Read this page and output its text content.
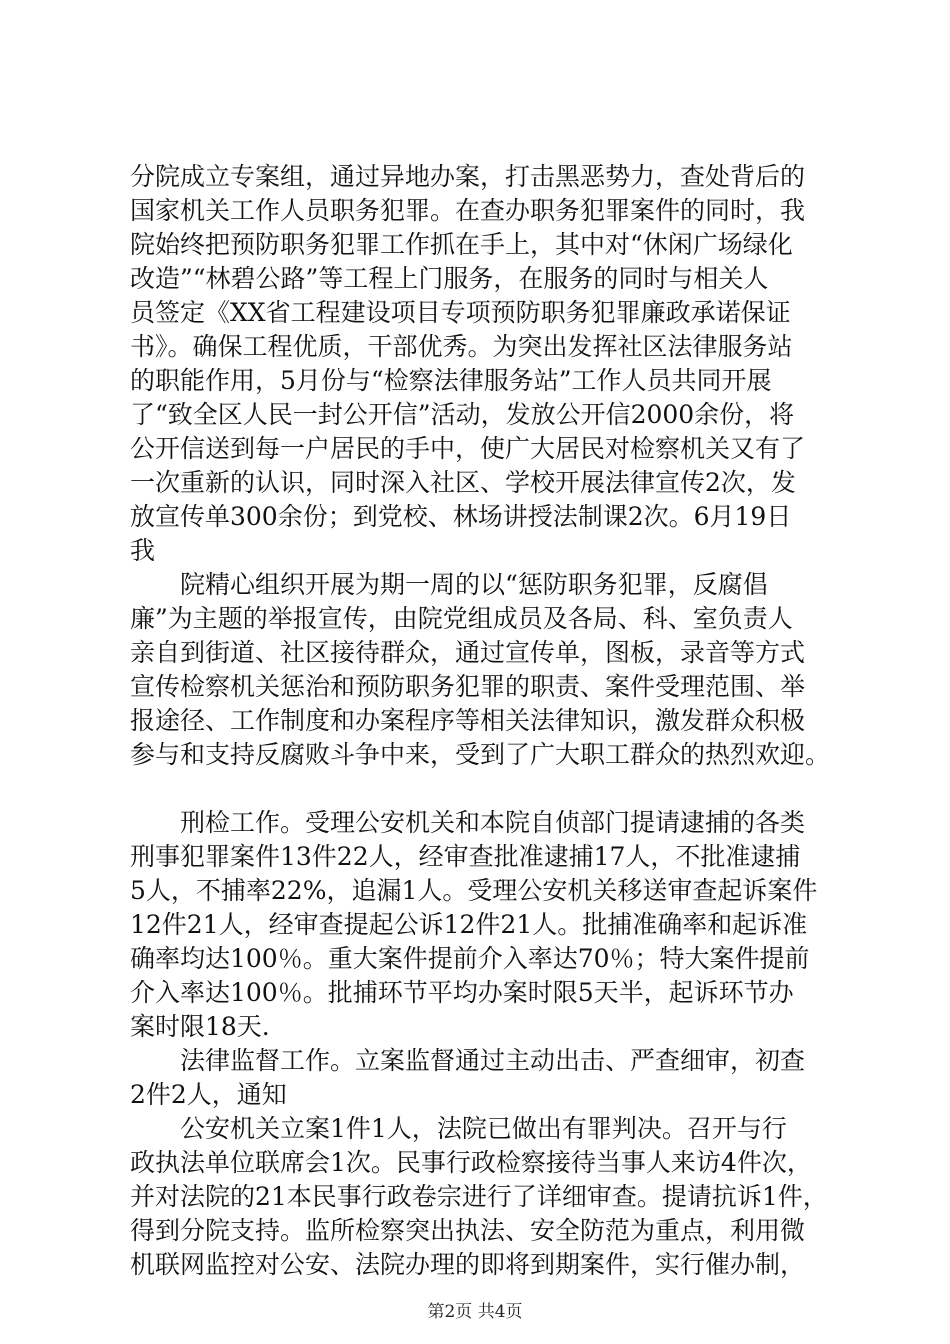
分院成立专案组，通过异地办案，打击黑恶势力，查处背后的
国家机关工作人员职务犯罪。在查办职务犯罪案件的同时，我
院始终把预防职务犯罪工作抓在手上，其中对“休闲广场绿化
改造”“林碧公路”等工程上门服务，在服务的同时与相关人
员签定《XX省工程建设项目专项预防职务犯罪廉政承诺保证
书》。确保工程优质，干部优秀。为突出发挥社区法律服务站
的职能作用，5月份与“检察法律服务站”工作人员共同开展
了“致全区人民一封公开信”活动，发放公开信2000余份，将
公开信送到每一户居民的手中，使广大居民对检察机关又有了
一次重新的认识，同时深入社区、学校开展法律宣传2次，发
放宣传单300余份；到党校、林场讲授法制课2次。6月19日
我
　　院精心组织开展为期一周的以“惩防职务犯罪，反腐倡
廉”为主题的举报宣传，由院党组成员及各局、科、室负责人
亲自到街道、社区接待群众，通过宣传单，图板，录音等方式
宣传检察机关惩治和预防职务犯罪的职责、案件受理范围、举
报途径、工作制度和办案程序等相关法律知识，激发群众积极
参与和支持反腐败斗争中来，受到了广大职工群众的热烈欢迎。
　　刑检工作。受理公安机关和本院自侦部门提请逮捕的各类
刑事犯罪案件13件22人，经审查批准逮捕17人，不批准逮捕
5人，不捕率22%，追漏1人。受理公安机关移送审查起诉案件
12件21人，经审查提起公诉12件21人。批捕准确率和起诉准
确率均达100％。重大案件提前介入率达70％；特大案件提前
介入率达100％。批捕环节平均办案时限5天半，起诉环节办
案时限18天.
　　法律监督工作。立案监督通过主动出击、严查细审，初查
2件2人，通知
　　公安机关立案1件1人，法院已做出有罪判决。召开与行
政执法单位联席会1次。民事行政检察接待当事人来访4件次，
并对法院的21本民事行政卷宗进行了详细审查。提请抗诉1件，
得到分院支持。监所检察突出执法、安全防范为重点，利用微
机联网监控对公安、法院办理的即将到期案件，实行催办制，
第2页 共4页
